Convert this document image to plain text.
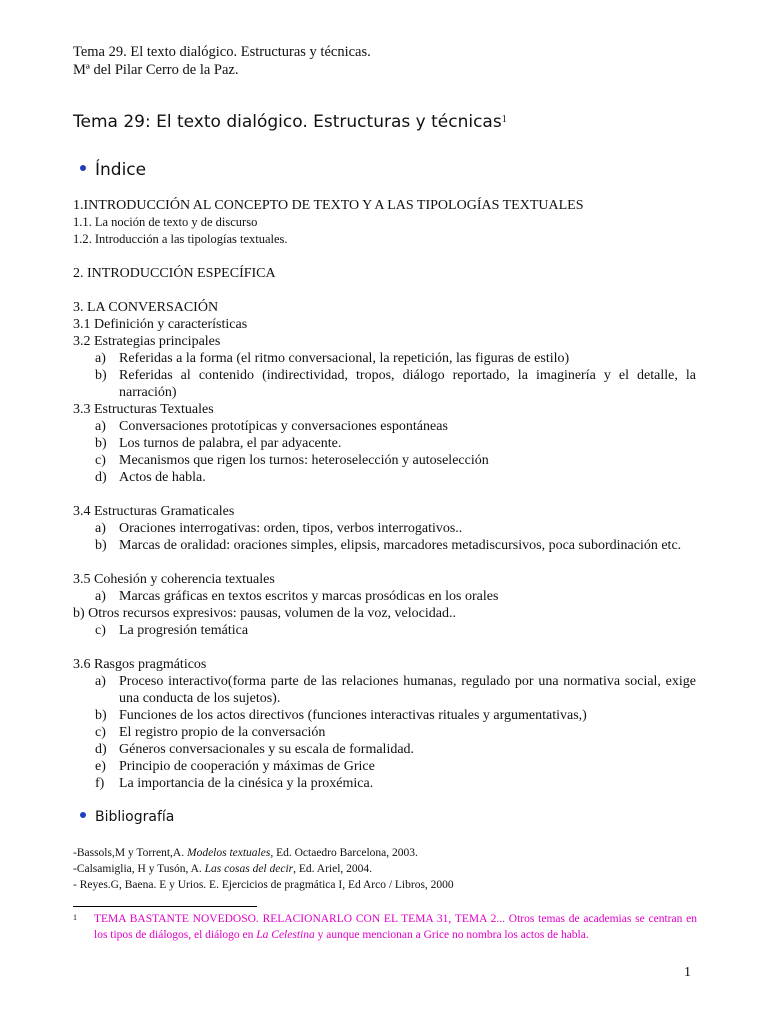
Tema 29. El texto dialógico. Estructuras y técnicas.
Mª del Pilar Cerro de la Paz.
Tema 29: El texto dialógico. Estructuras y técnicas$^1$
Índice

1.INTRODUCCIÓN AL CONCEPTO DE TEXTO Y A LAS TIPOLOGÍAS TEXTUALES

1.1. La noción de texto y de discurso

1.2. Introducción a las tipologías textuales.

2. INTRODUCCIÓN ESPECÍFICA

3. LA CONVERSACIÓN

3.1 Definición y características

3.2 Estrategias principales

a) Referidas a la forma (el ritmo conversacional, la repetición, las figuras de estilo)
b) Referidas al contenido (indirectividad, tropos, diálogo reportado, la imaginería y el detalle, la narración)

3.3 Estructuras Textuales

a) Conversaciones prototípicas y conversaciones espontáneas
b) Los turnos de palabra, el par adyacente.
c) Mecanismos que rigen los turnos: heteroselección y autoselección
d) Actos de habla.

3.4 Estructuras Gramaticales

a) Oraciones interrogativas: orden, tipos, verbos interrogativos..
b) Marcas de oralidad: oraciones simples, elipsis, marcadores metadiscursivos, poca subordinación etc.

3.5 Cohesión y coherencia textuales

a) Marcas gráficas en textos escritos y marcas prosódicas en los orales

b) Otros recursos expresivos: pausas, volumen de la voz, velocidad..

c) La progresión temática

3.6 Rasgos pragmáticos

a) Proceso interactivo(forma parte de las relaciones humanas, regulado por una normativa social, exige una conducta de los sujetos).
b) Funciones de los actos directivos (funciones interactivas rituales y argumentativas,)
c) El registro propio de la conversación
d) Géneros conversacionales y su escala de formalidad.
e) Principio de cooperación y máximas de Grice
f) La importancia de la cinésica y la proxémica.
Bibliografía
-Bassols,M y Torrent,A. Modelos textuales, Ed. Octaedro Barcelona, 2003.
-Calsamiglia, H y Tusón, A. Las cosas del decir, Ed. Ariel, 2004.
- Reyes.G, Baena. E y Urios. E. Ejercicios de pragmática I, Ed Arco / Libros, 2000
1	TEMA BASTANTE NOVEDOSO. RELACIONARLO CON EL TEMA 31, TEMA 2... Otros temas de academias se centran en los tipos de diálogos, el diálogo en La Celestina y aunque mencionan a Grice no nombra los actos de habla.
1
